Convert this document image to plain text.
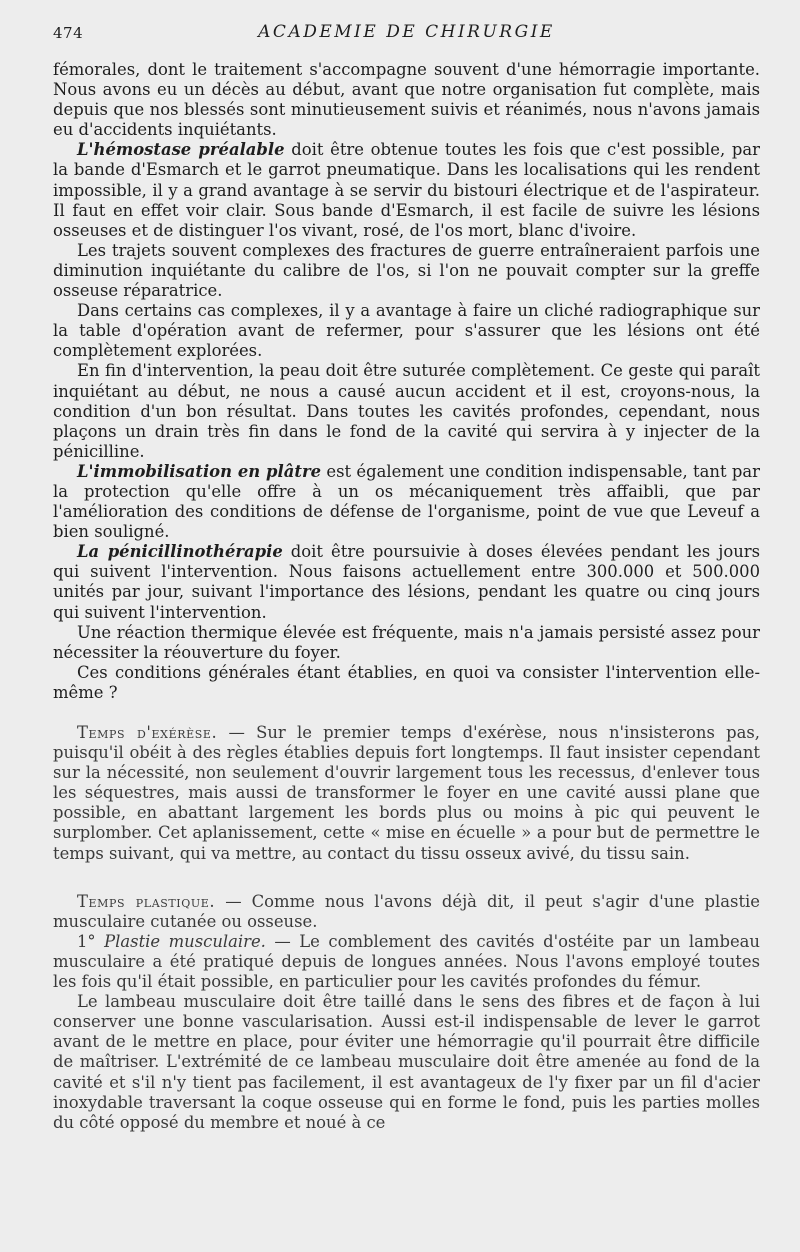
474	ACADEMIE DE CHIRURGIE

fémorales, dont le traitement s'accompagne souvent d'une hémorragie importante. Nous avons eu un décès au début, avant que notre organisation fut complète, mais depuis que nos blessés sont minutieusement suivis et réanimés, nous n'avons jamais eu d'accidents inquiétants.

L'hémostase préalable doit être obtenue toutes les fois que c'est possible, par la bande d'Esmarch et le garrot pneumatique. Dans les localisations qui les rendent impossible, il y a grand avantage à se servir du bistouri électrique et de l'aspirateur. Il faut en effet voir clair. Sous bande d'Esmarch, il est facile de suivre les lésions osseuses et de distinguer l'os vivant, rosé, de l'os mort, blanc d'ivoire.

Les trajets souvent complexes des fractures de guerre entraîneraient parfois une diminution inquiétante du calibre de l'os, si l'on ne pouvait compter sur la greffe osseuse réparatrice.

Dans certains cas complexes, il y a avantage à faire un cliché radiographique sur la table d'opération avant de refermer, pour s'assurer que les lésions ont été complètement explorées.

En fin d'intervention, la peau doit être suturée complètement. Ce geste qui paraît inquiétant au début, ne nous a causé aucun accident et il est, croyons-nous, la condition d'un bon résultat. Dans toutes les cavités profondes, cependant, nous plaçons un drain très fin dans le fond de la cavité qui servira à y injecter de la pénicilline.

L'immobilisation en plâtre est également une condition indispensable, tant par la protection qu'elle offre à un os mécaniquement très affaibli, que par l'amélioration des conditions de défense de l'organisme, point de vue que Leveuf a bien souligné.

La pénicillinothérapie doit être poursuivie à doses élevées pendant les jours qui suivent l'intervention. Nous faisons actuellement entre 300.000 et 500.000 unités par jour, suivant l'importance des lésions, pendant les quatre ou cinq jours qui suivent l'intervention.

Une réaction thermique élevée est fréquente, mais n'a jamais persisté assez pour nécessiter la réouverture du foyer.

Ces conditions générales étant établies, en quoi va consister l'intervention elle-même ?

Temps d'exérèse. — Sur le premier temps d'exérèse, nous n'insisterons pas, puisqu'il obéit à des règles établies depuis fort longtemps. Il faut insister cependant sur la nécessité, non seulement d'ouvrir largement tous les recessus, d'enlever tous les séquestres, mais aussi de transformer le foyer en une cavité aussi plane que possible, en abattant largement les bords plus ou moins à pic qui peuvent le surplomber. Cet aplanissement, cette « mise en écuelle » a pour but de permettre le temps suivant, qui va mettre, au contact du tissu osseux avivé, du tissu sain.

Temps plastique. — Comme nous l'avons déjà dit, il peut s'agir d'une plastie musculaire cutanée ou osseuse.

1° Plastie musculaire. — Le comblement des cavités d'ostéite par un lambeau musculaire a été pratiqué depuis de longues années. Nous l'avons employé toutes les fois qu'il était possible, en particulier pour les cavités profondes du fémur.

Le lambeau musculaire doit être taillé dans le sens des fibres et de façon à lui conserver une bonne vascularisation. Aussi est-il indispensable de lever le garrot avant de le mettre en place, pour éviter une hémorragie qu'il pourrait être difficile de maîtriser. L'extrémité de ce lambeau musculaire doit être amenée au fond de la cavité et s'il n'y tient pas facilement, il est avantageux de l'y fixer par un fil d'acier inoxydable traversant la coque osseuse qui en forme le fond, puis les parties molles du côté opposé du membre et noué à ce
